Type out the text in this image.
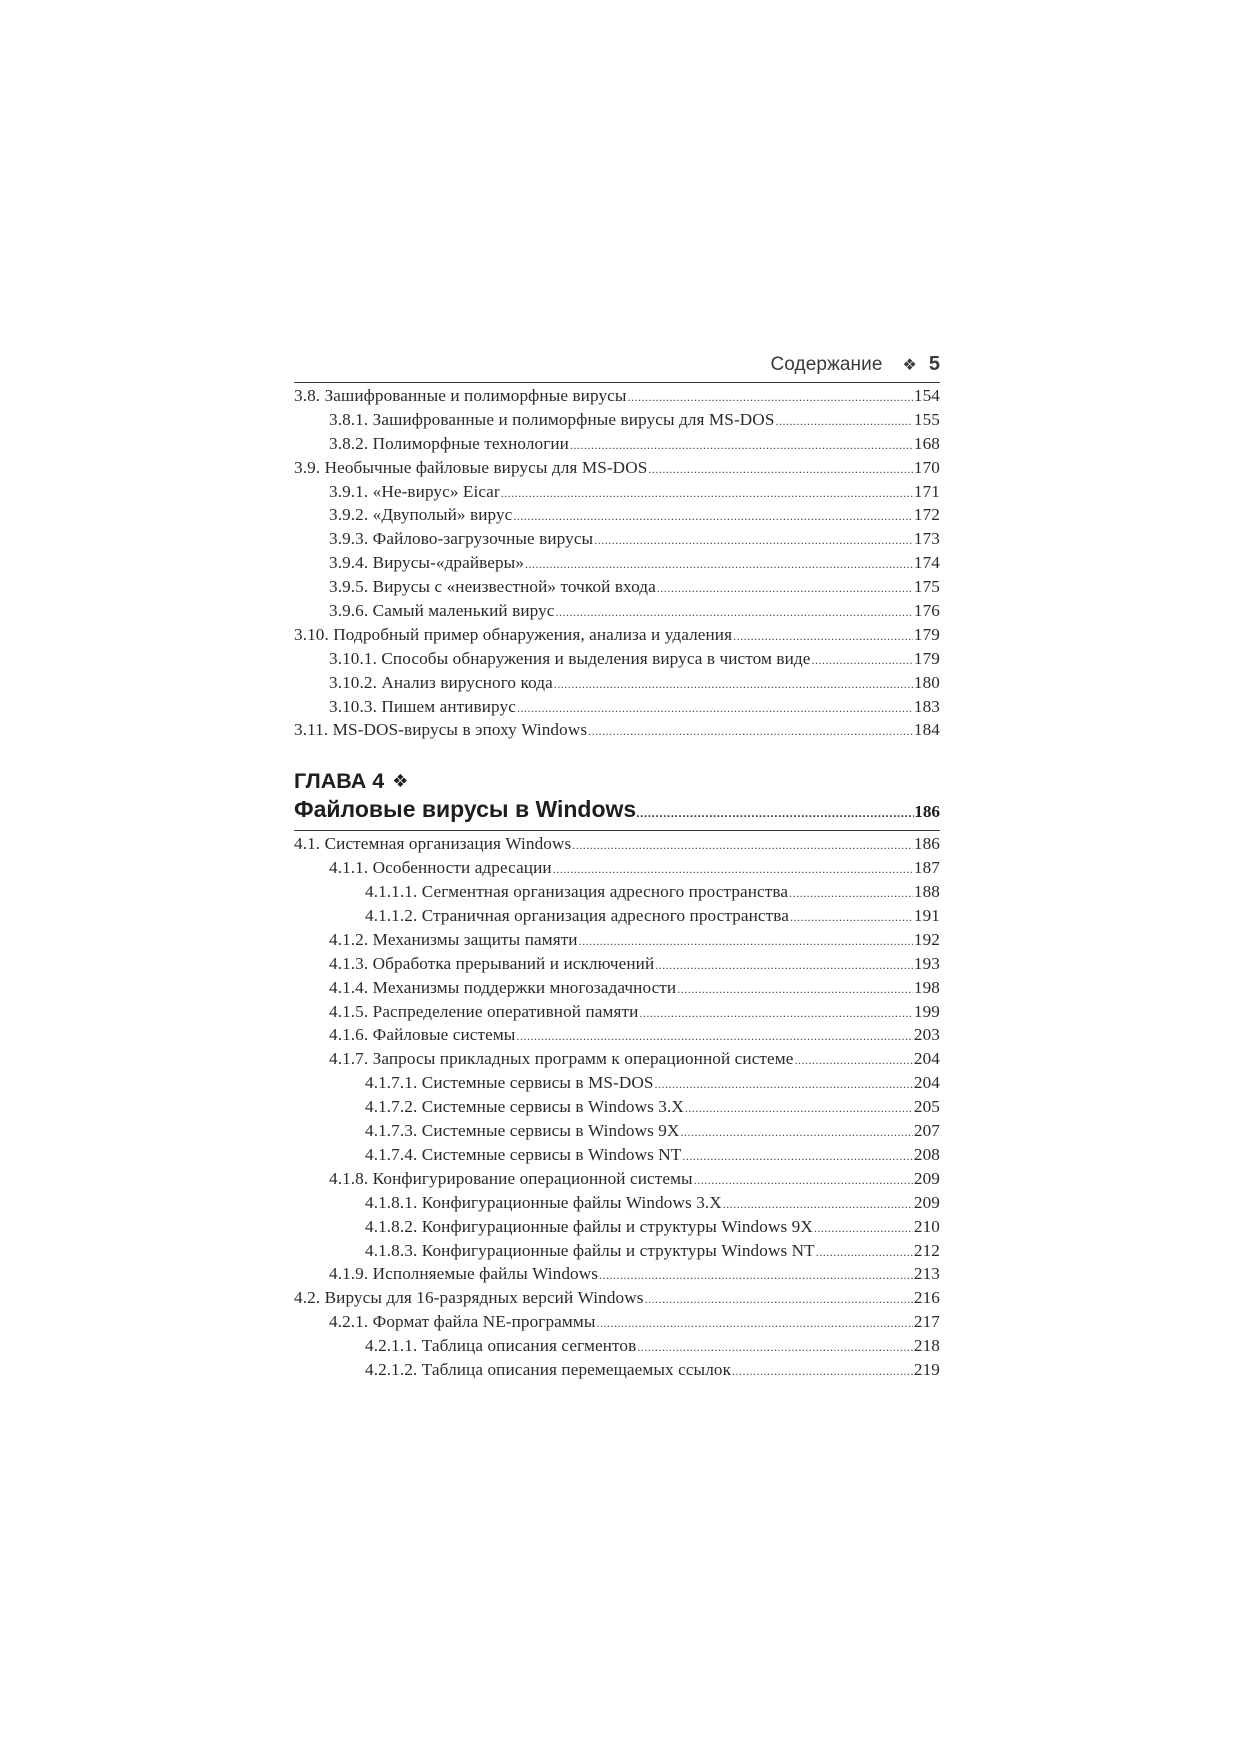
Содержание ❖ 5
3.8. Зашифрованные и полиморфные вирусы .....	154
3.8.1. Зашифрованные и полиморфные вирусы для MS-DOS .....	155
3.8.2. Полиморфные технологии .....	168
3.9. Необычные файловые вирусы для MS-DOS .....	170
3.9.1. «Не-вирус» Eicar .....	171
3.9.2. «Двуполый» вирус .....	172
3.9.3. Файлово-загрузочные вирусы .....	173
3.9.4. Вирусы-«драйверы» .....	174
3.9.5. Вирусы с «неизвестной» точкой входа .....	175
3.9.6. Самый маленький вирус .....	176
3.10. Подробный пример обнаружения, анализа и удаления .....	179
3.10.1. Способы обнаружения и выделения вируса в чистом виде .....	179
3.10.2. Анализ вирусного кода .....	180
3.10.3. Пишем антивирус .....	183
3.11. MS-DOS-вирусы в эпоху Windows .....	184
ГЛАВА 4 ❖
Файловые вирусы в Windows .....	186
4.1. Системная организация Windows .....	186
4.1.1. Особенности адресации .....	187
4.1.1.1. Сегментная организация адресного пространства .....	188
4.1.1.2. Страничная организация адресного пространства .....	191
4.1.2. Механизмы защиты памяти .....	192
4.1.3. Обработка прерываний и исключений .....	193
4.1.4. Механизмы поддержки многозадачности .....	198
4.1.5. Распределение оперативной памяти .....	199
4.1.6. Файловые системы .....	203
4.1.7. Запросы прикладных программ к операционной системе .....	204
4.1.7.1. Системные сервисы в MS-DOS .....	204
4.1.7.2. Системные сервисы в Windows 3.X .....	205
4.1.7.3. Системные сервисы в Windows 9X .....	207
4.1.7.4. Системные сервисы в Windows NT .....	208
4.1.8. Конфигурирование операционной системы .....	209
4.1.8.1. Конфигурационные файлы Windows 3.X .....	209
4.1.8.2. Конфигурационные файлы и структуры Windows 9X .....	210
4.1.8.3. Конфигурационные файлы и структуры Windows NT .....	212
4.1.9. Исполняемые файлы Windows .....	213
4.2. Вирусы для 16-разрядных версий Windows .....	216
4.2.1. Формат файла NE-программы .....	217
4.2.1.1. Таблица описания сегментов .....	218
4.2.1.2. Таблица описания перемещаемых ссылок .....	219
